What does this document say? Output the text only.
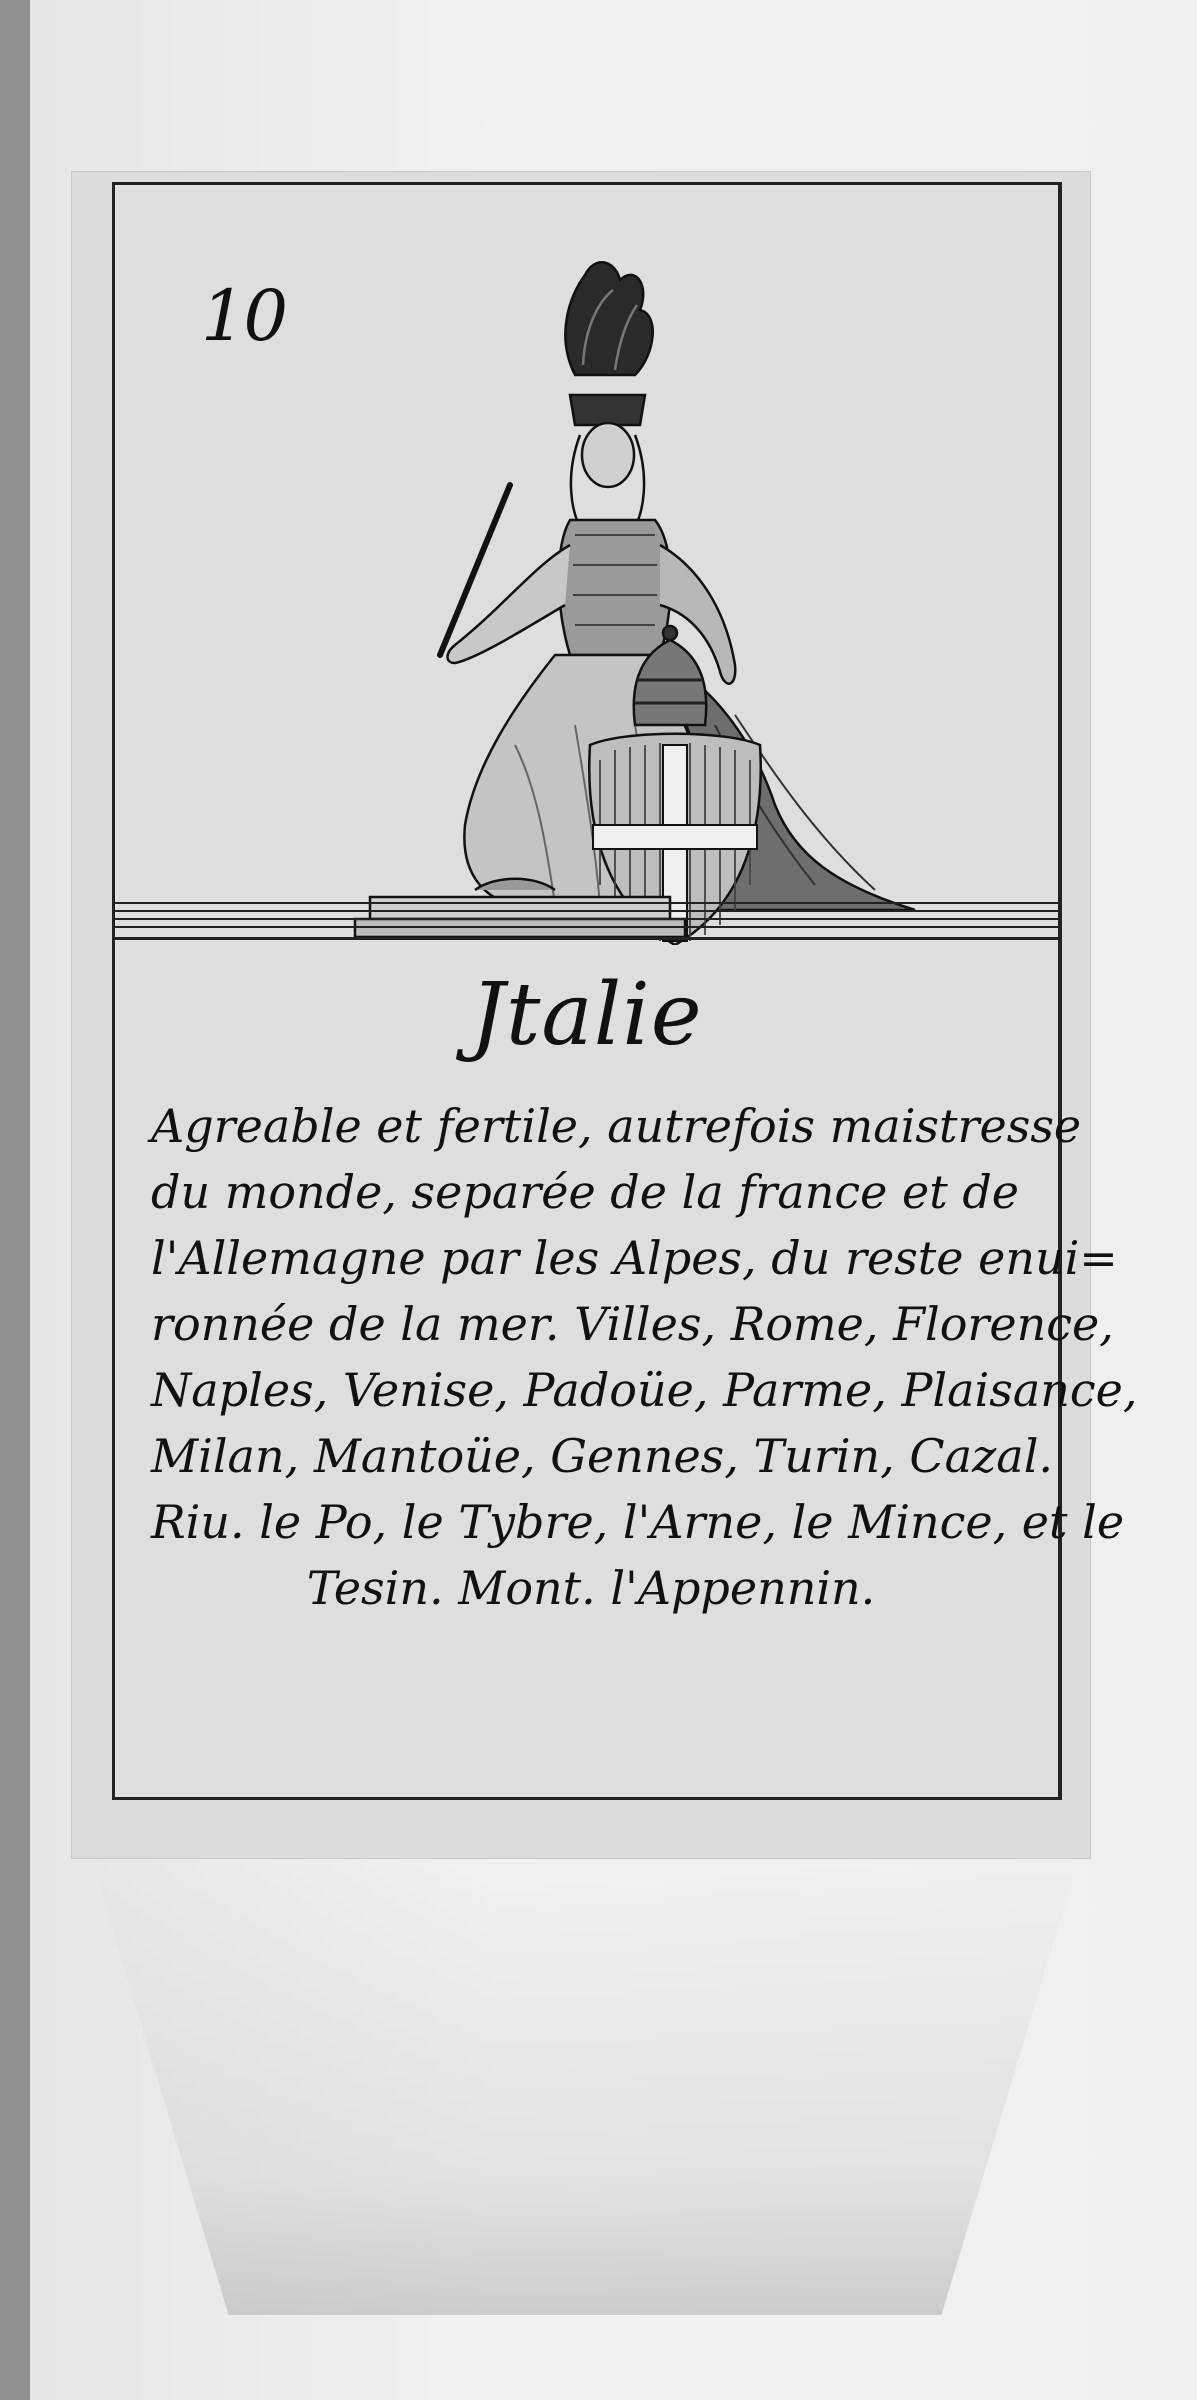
10
Jtalie
Agreable et fertile, autrefois maistresse
du monde, separée de la france et de
l'Allemagne par les Alpes, du reste enui=
ronnée de la mer. Villes, Rome, Florence,
Naples, Venise, Padoüe, Parme, Plaisance,
Milan, Mantoüe, Gennes, Turin, Cazal.
Riu. le Po, le Tybre, l'Arne, le Mince, et le
Tesin. Mont. l'Appennin.
